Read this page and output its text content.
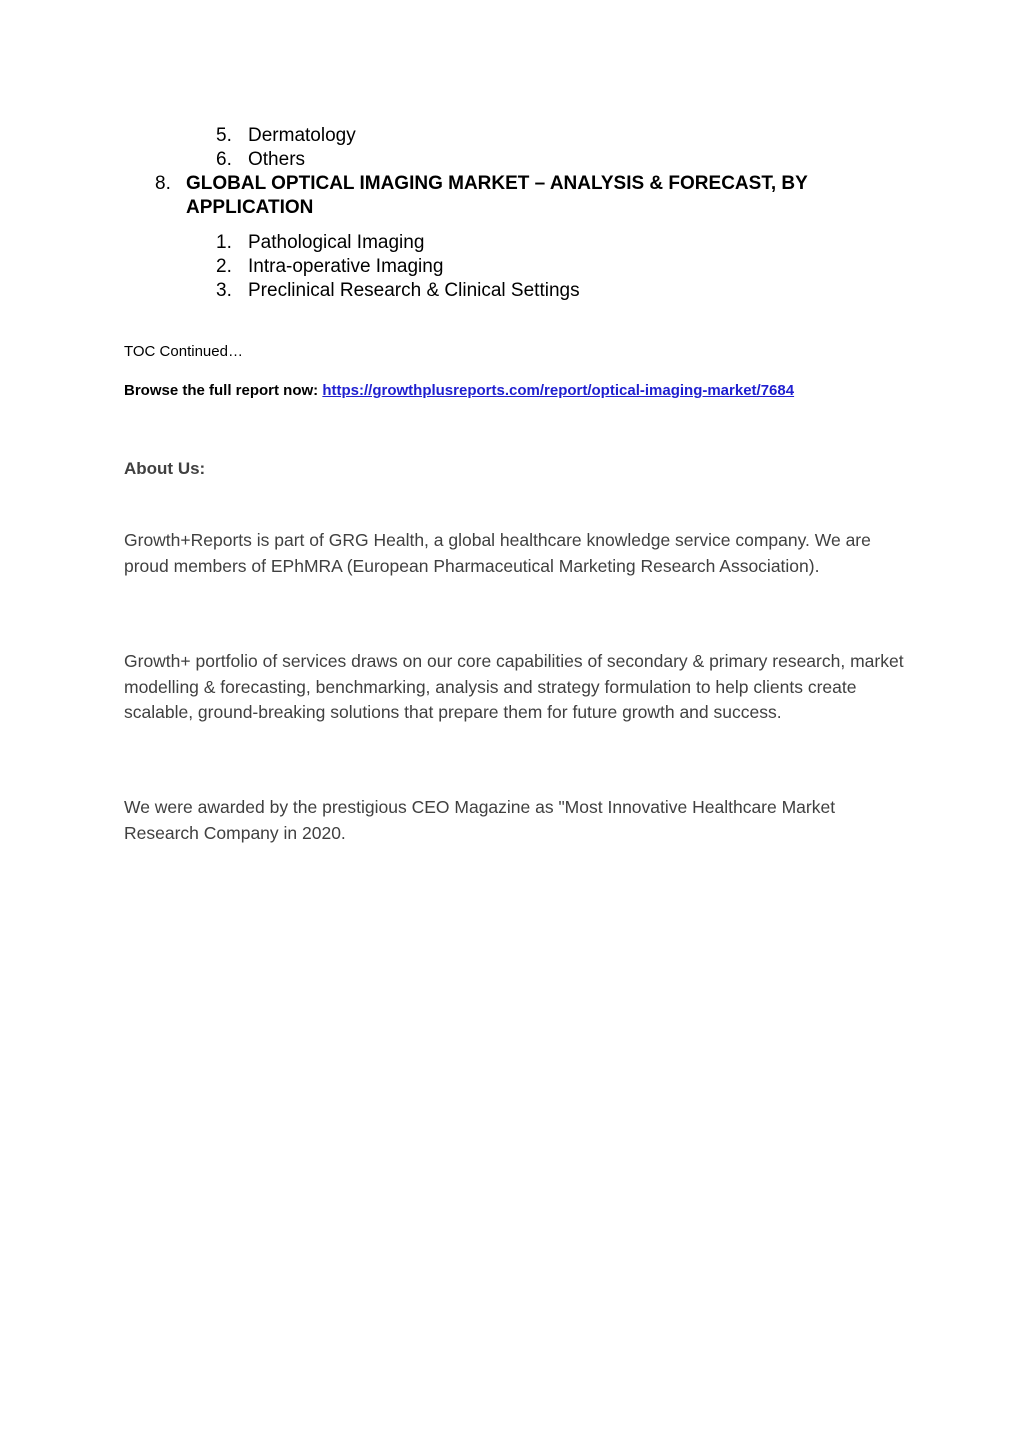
5. Dermatology
6. Others
8. GLOBAL OPTICAL IMAGING MARKET – ANALYSIS & FORECAST, BY APPLICATION
1. Pathological Imaging
2. Intra-operative Imaging
3. Preclinical Research & Clinical Settings
TOC Continued…
Browse the full report now: https://growthplusreports.com/report/optical-imaging-market/7684
About Us:
Growth+Reports is part of GRG Health, a global healthcare knowledge service company. We are proud members of EPhMRA (European Pharmaceutical Marketing Research Association).
Growth+ portfolio of services draws on our core capabilities of secondary & primary research, market modelling & forecasting, benchmarking, analysis and strategy formulation to help clients create scalable, ground-breaking solutions that prepare them for future growth and success.
We were awarded by the prestigious CEO Magazine as "Most Innovative Healthcare Market Research Company in 2020.
